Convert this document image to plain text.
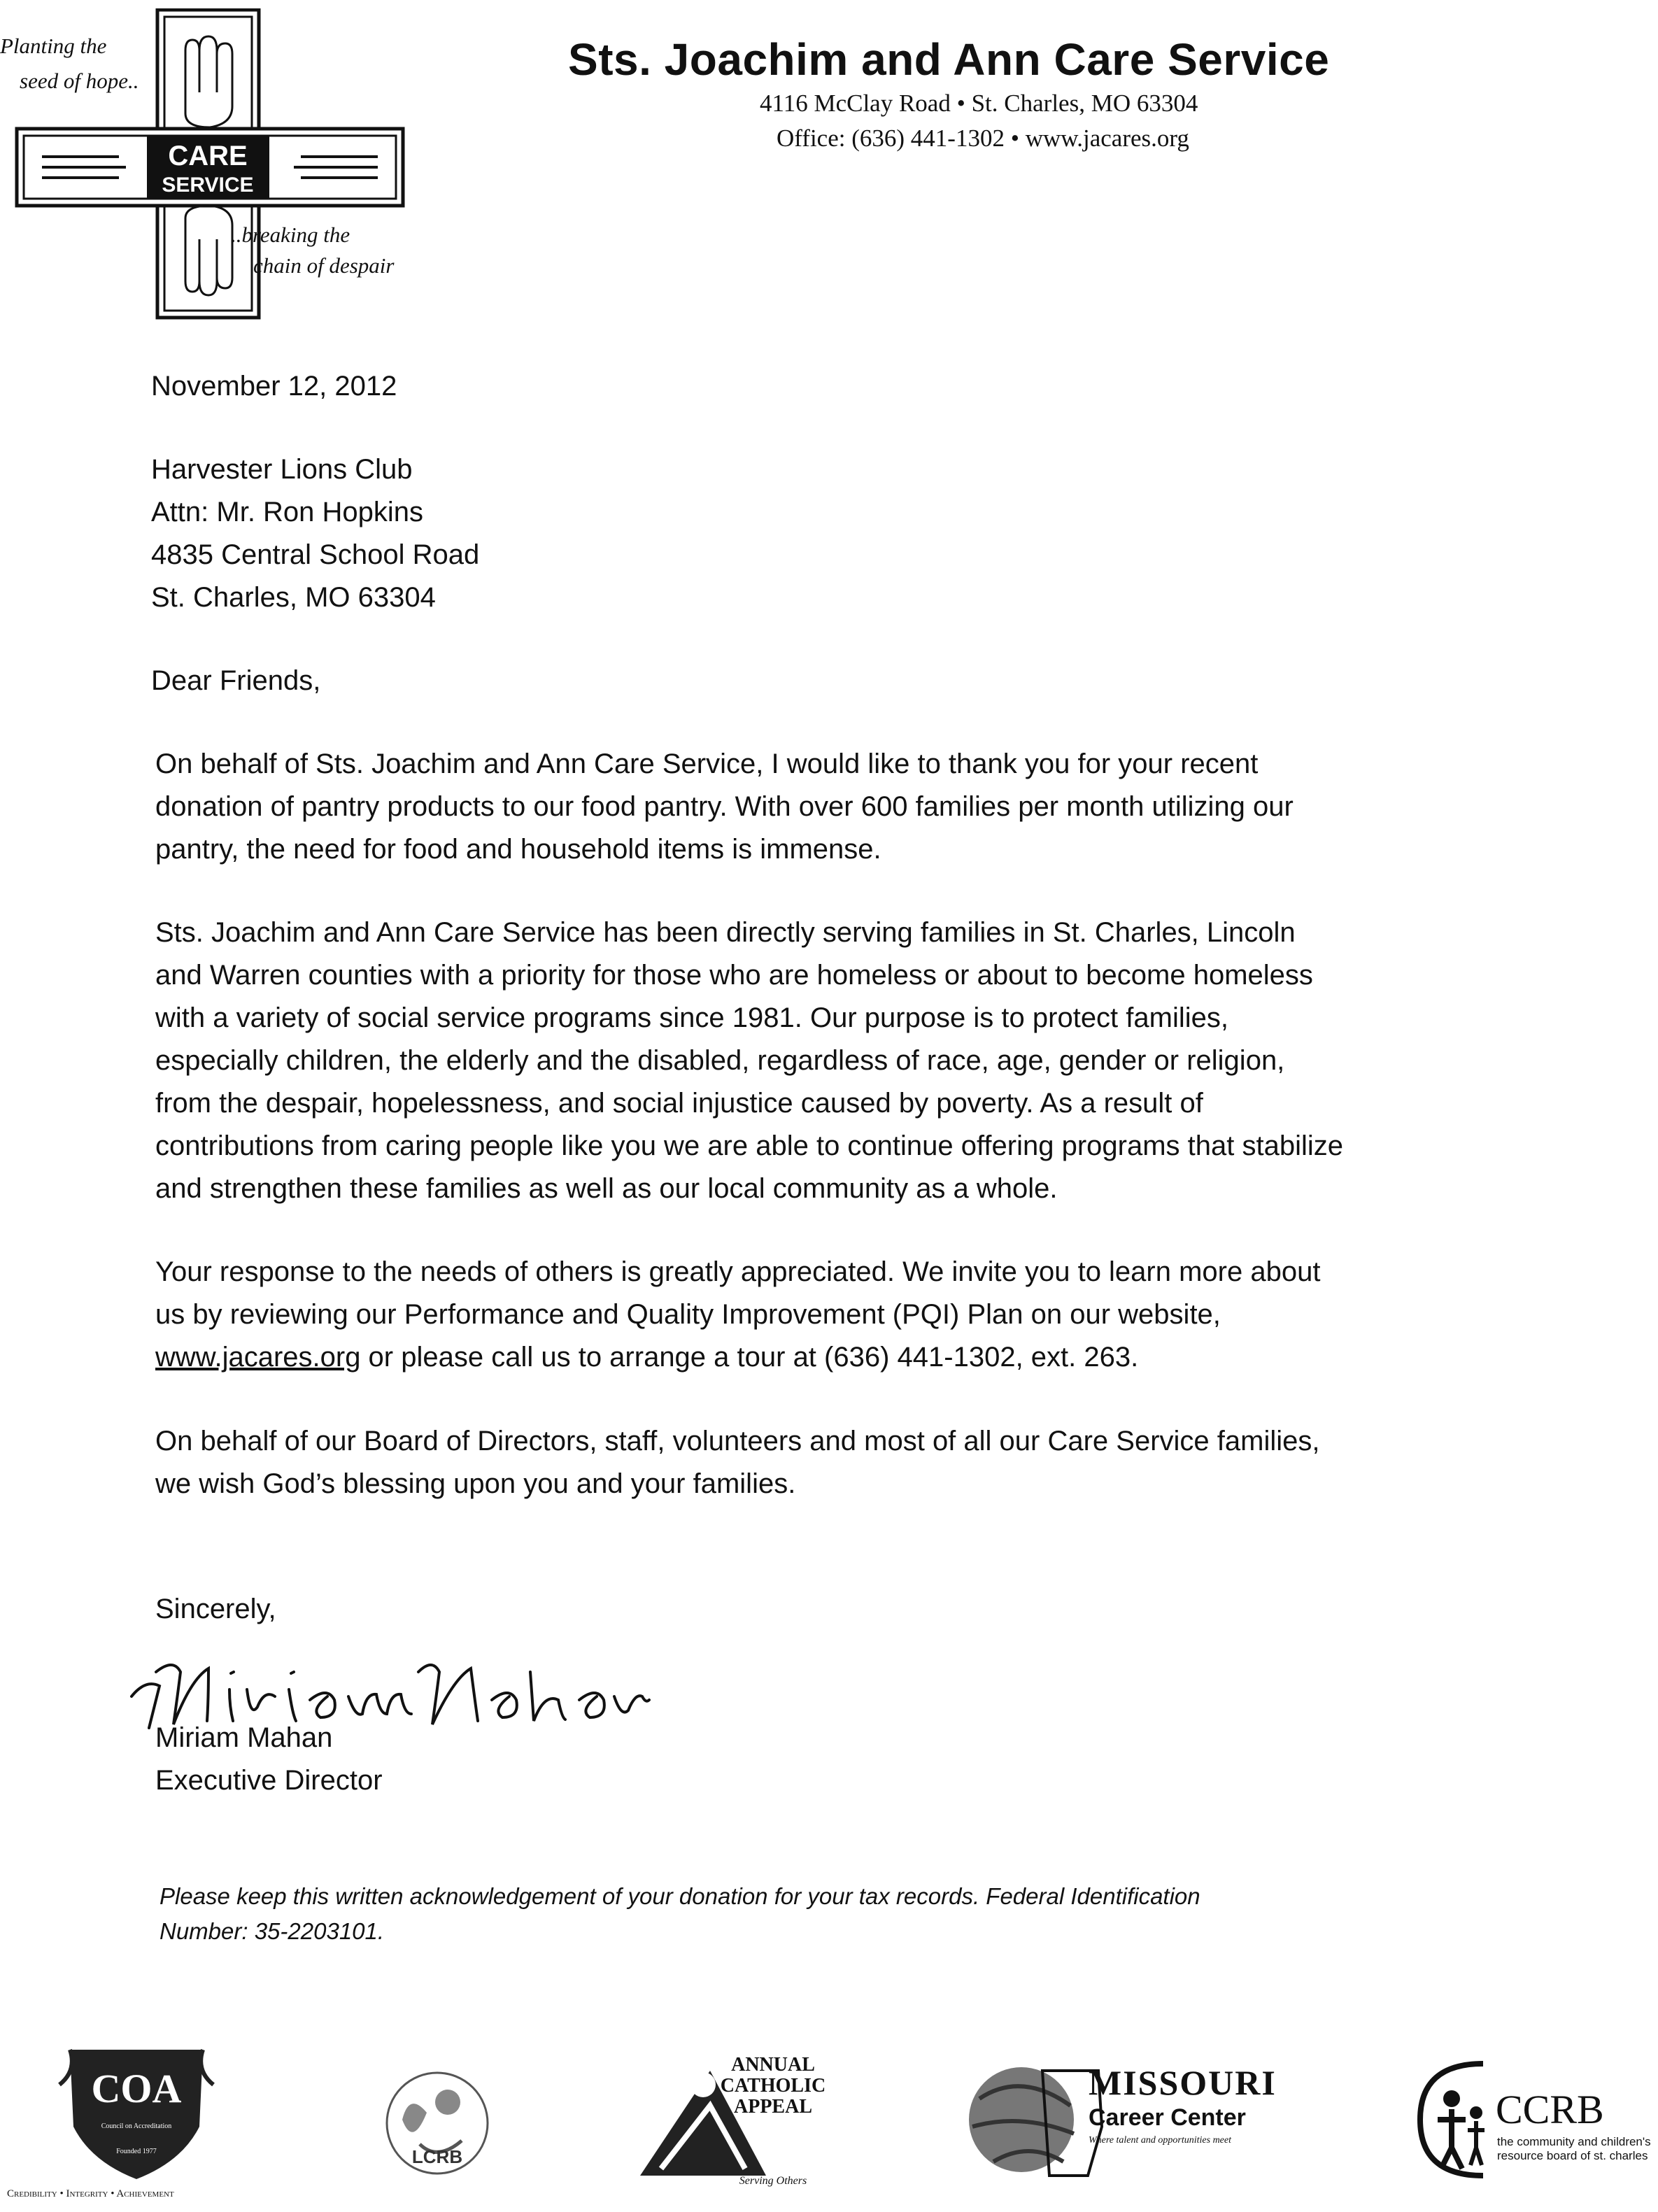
CARE
SERVICE
Planting the
seed of hope..
..breaking the
chain of despair
Sts. Joachim and Ann Care Service
4116 McClay Road • St. Charles, MO 63304
Office: (636) 441-1302 • www.jacares.org
November 12, 2012
Harvester Lions Club
Attn: Mr. Ron Hopkins
4835 Central School Road
St. Charles, MO 63304
Dear Friends,
On behalf of Sts. Joachim and Ann Care Service, I would like to thank you for your recent
donation of pantry products to our food pantry. With over 600 families per month utilizing our
pantry, the need for food and household items is immense.
Sts. Joachim and Ann Care Service has been directly serving families in St. Charles, Lincoln
and Warren counties with a priority for those who are homeless or about to become homeless
with a variety of social service programs since 1981. Our purpose is to protect families,
especially children, the elderly and the disabled, regardless of race, age, gender or religion,
from the despair, hopelessness, and social injustice caused by poverty. As a result of
contributions from caring people like you we are able to continue offering programs that stabilize
and strengthen these families as well as our local community as a whole.
Your response to the needs of others is greatly appreciated. We invite you to learn more about
us by reviewing our Performance and Quality Improvement (PQI) Plan on our website,
www.jacares.org or please call us to arrange a tour at (636) 441-1302, ext. 263.
On behalf of our Board of Directors, staff, volunteers and most of all our Care Service families,
we wish God’s blessing upon you and your families.
Sincerely,
Miriam Mahan
Executive Director
Please keep this written acknowledgement of your donation for your tax records. Federal Identification
Number: 35-2203101.
COA
Council on Accreditation
Founded 1977
Credibility • Integrity • Achievement
LCRB
ANNUAL
CATHOLIC
APPEAL
Serving Others
MISSOURI
Career Center
Where talent and opportunities meet
CCRB
the community and children's
resource board of st. charles
